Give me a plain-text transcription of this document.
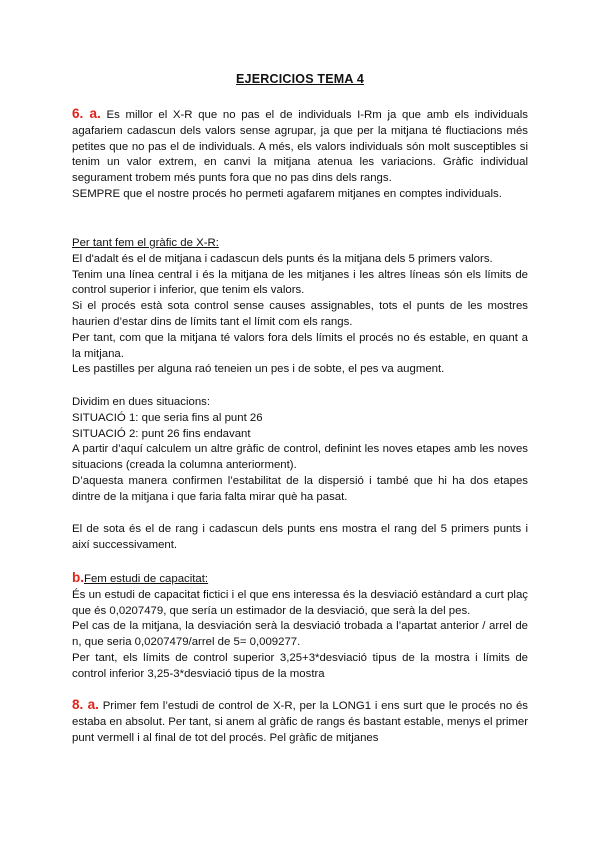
EJERCICIOS TEMA 4

6. a. Es millor el X-R que no pas el de individuals I-Rm ja que amb els individuals agafariem cadascun dels valors sense agrupar, ja que per la mitjana té fluctiacions més petites que no pas el de individuals. A més, els valors individuals són molt susceptibles si tenim un valor extrem, en canvi la mitjana atenua les variacions. Gràfic individual segurament trobem més punts fora que no pas dins dels rangs.

SEMPRE que el nostre procés ho permeti agafarem mitjanes en comptes individuals.

Per tant fem el gràfic de X-R:

El d'adalt és el de mitjana i cadascun dels punts és la mitjana dels 5 primers valors.

Tenim una línea central i és la mitjana de les mitjanes i les altres líneas són els límits de control superior i inferior, que tenim els valors.

Si el procés està sota control sense causes assignables, tots el punts de les mostres haurien d’estar dins de límits tant el límit com els rangs.

Per tant, com que la mitjana té valors fora dels límits el procés no és estable, en quant a la mitjana.

Les pastilles per alguna raó teneien un pes i de sobte, el pes va augment.

Dividim en dues situacions:

SITUACIÓ 1: que seria fins al punt 26

SITUACIÓ 2: punt 26 fins endavant

A partir d’aquí calculem un altre gràfic de control, definint les noves etapes amb les noves situacions (creada la columna anteriorment).

D’aquesta manera confirmen l’estabilitat de la dispersió i també que hi ha dos etapes dintre de la mitjana i que faria falta mirar què ha pasat.

El de sota és el de rang i cadascun dels punts ens mostra el rang del 5 primers punts i així successivament.

b.Fem estudi de capacitat:

És un estudi de capacitat fictici i el que ens interessa és la desviació estàndard a curt plaç que és 0,0207479, que sería un estimador de la desviació, que serà la del pes.

Pel cas de la mitjana, la desviación serà la desviació trobada a l’apartat anterior / arrel de n, que seria 0,0207479/arrel de 5= 0,009277.

Per tant, els límits de control superior 3,25+3*desviació tipus de la mostra i límits de control inferior 3,25-3*desviació tipus de la mostra

8. a. Primer fem l’estudi de control de X-R, per la LONG1 i ens surt que le procés no és estaba en absolut. Per tant, si anem al gràfic de rangs és bastant estable, menys el primer punt vermell i al final de tot del procés. Pel gràfic de mitjanes
